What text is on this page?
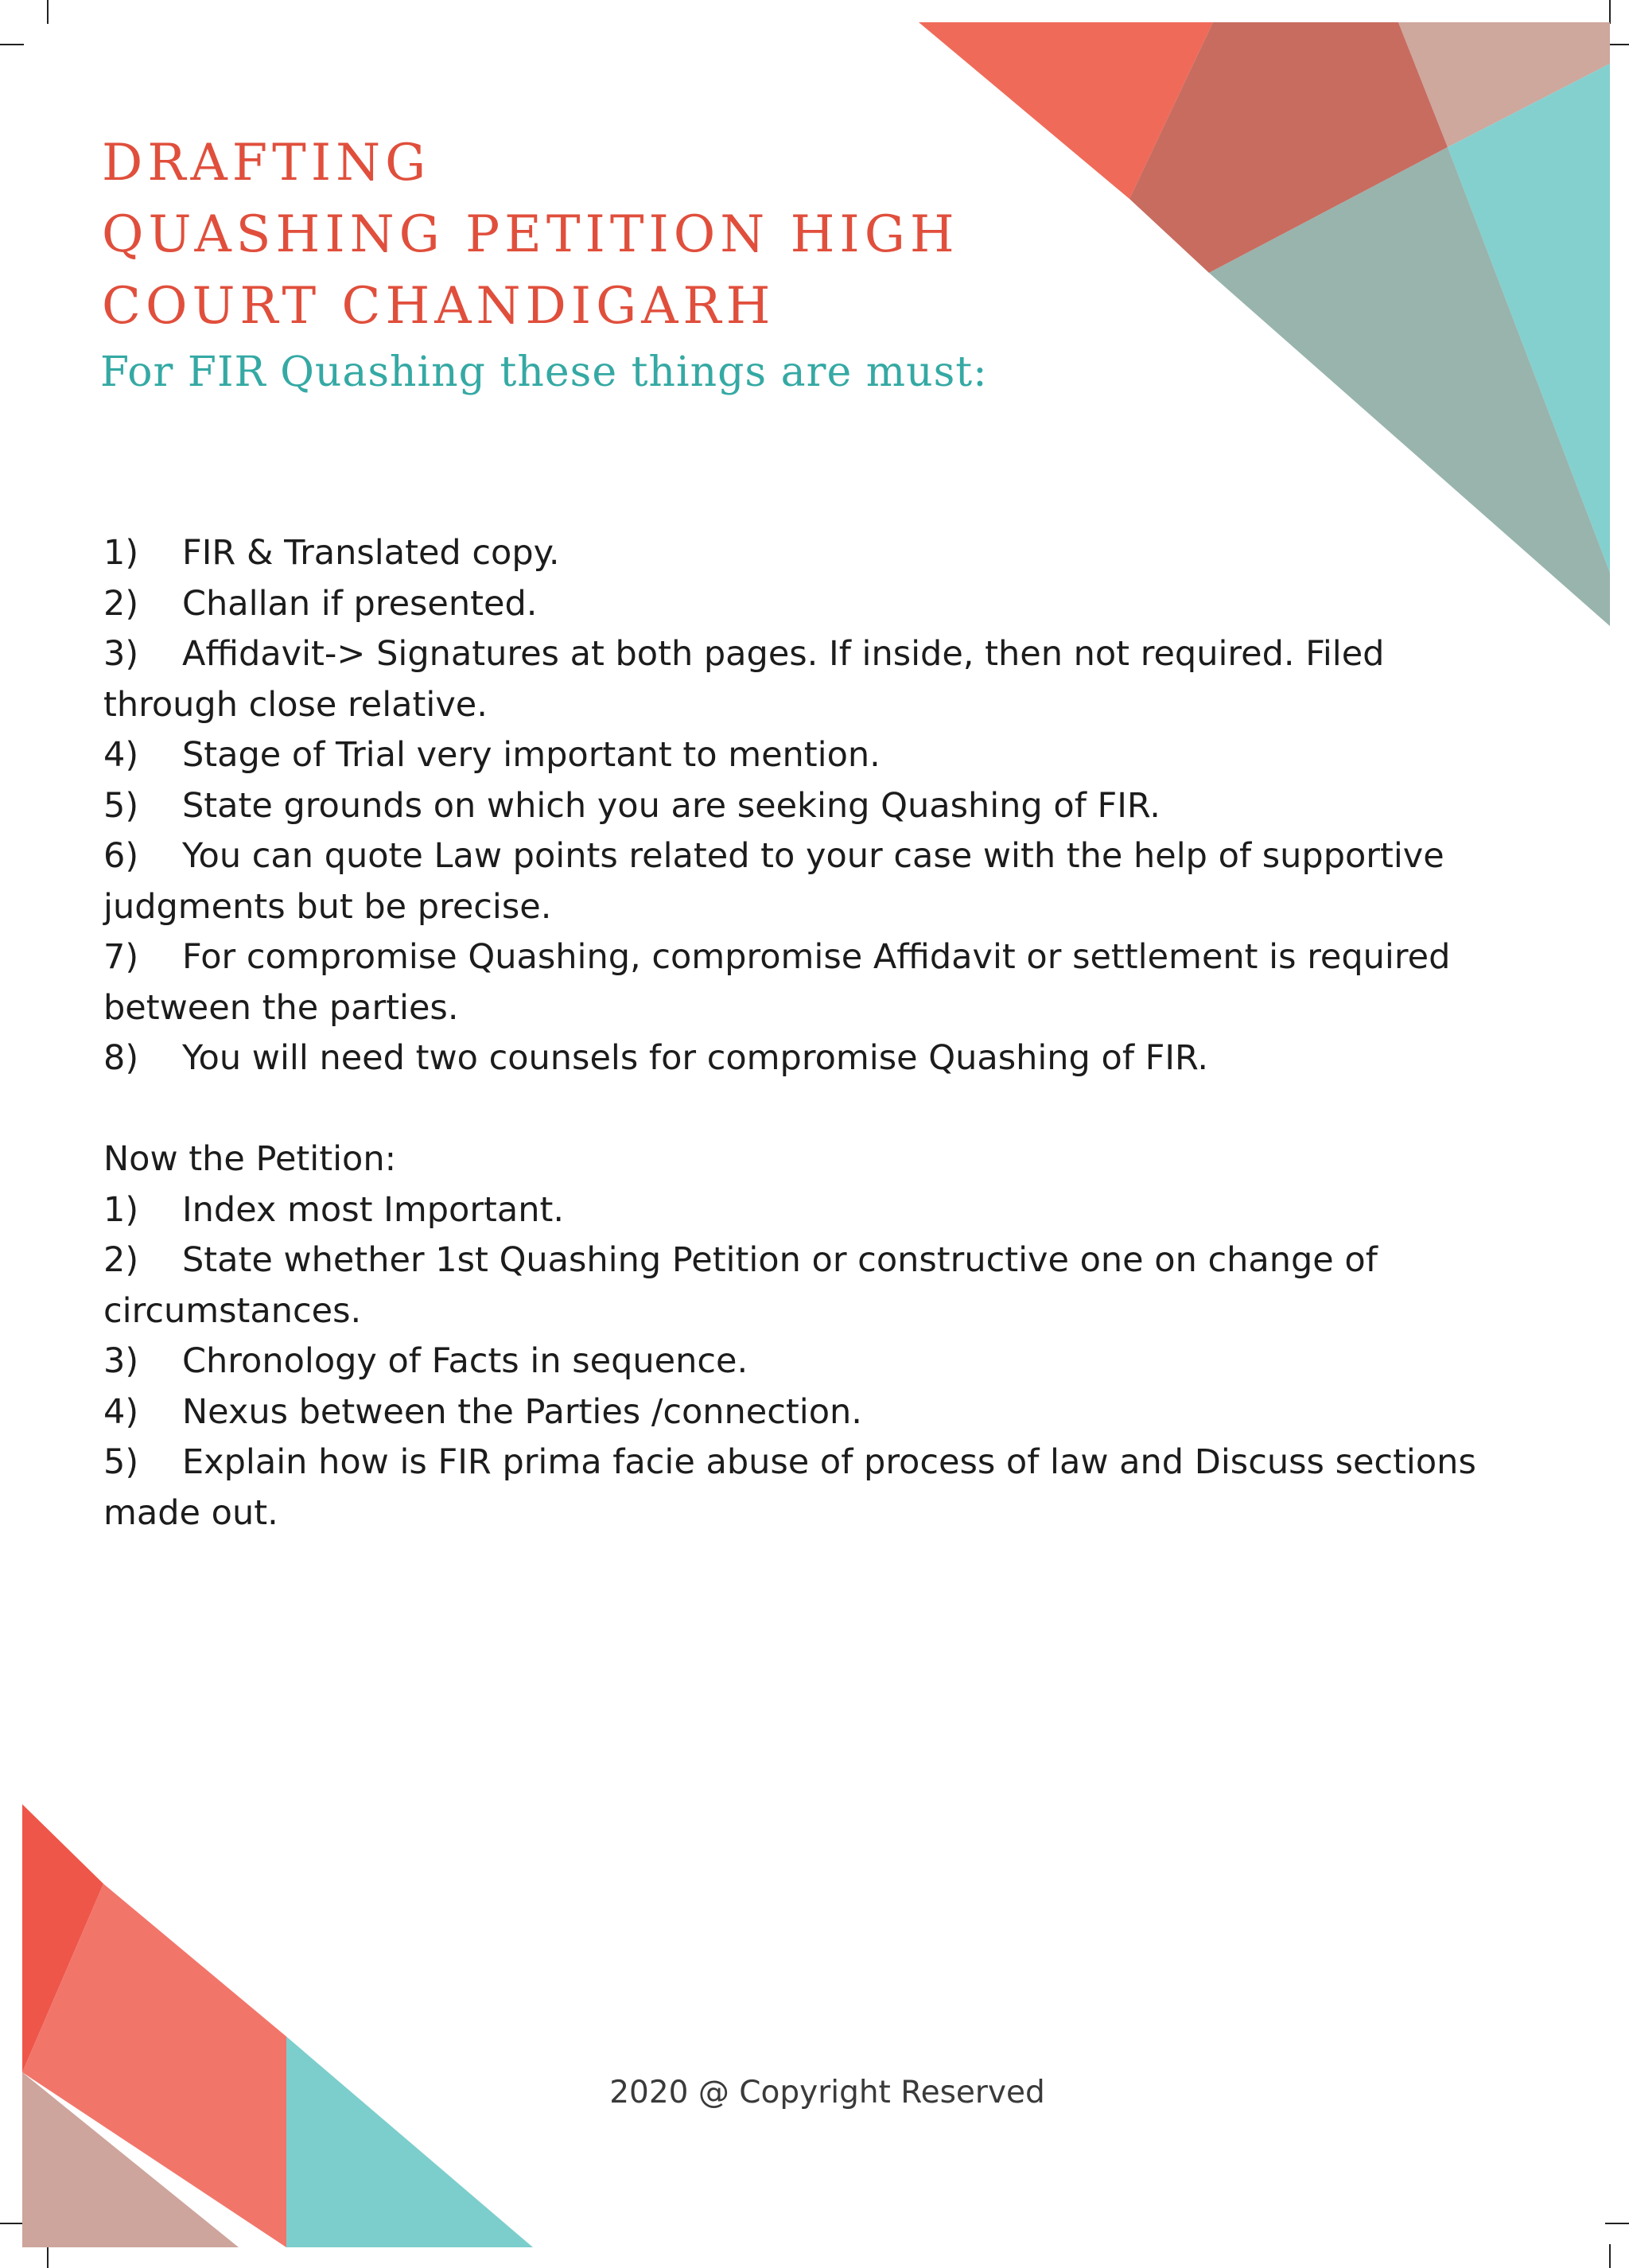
DRAFTING
QUASHING PETITION HIGH
COURT CHANDIGARH
For FIR Quashing these things are must:

1) FIR & Translated copy.

2) Challan if presented.

3) Affidavit-> Signatures at both pages. If inside, then not required. Filed through close relative.

4) Stage of Trial very important to mention.

5) State grounds on which you are seeking Quashing of FIR.

6) You can quote Law points related to your case with the help of supportive judgments but be precise.

7) For compromise Quashing, compromise Affidavit or settlement is required between the parties.

8) You will need two counsels for compromise Quashing of FIR.

Now the Petition:

1) Index most Important.

2) State whether 1st Quashing Petition or constructive one on change of circumstances.

3) Chronology of Facts in sequence.

4) Nexus between the Parties /connection.

5) Explain how is FIR prima facie abuse of process of law and Discuss sections made out.

2020 @ Copyright Reserved
